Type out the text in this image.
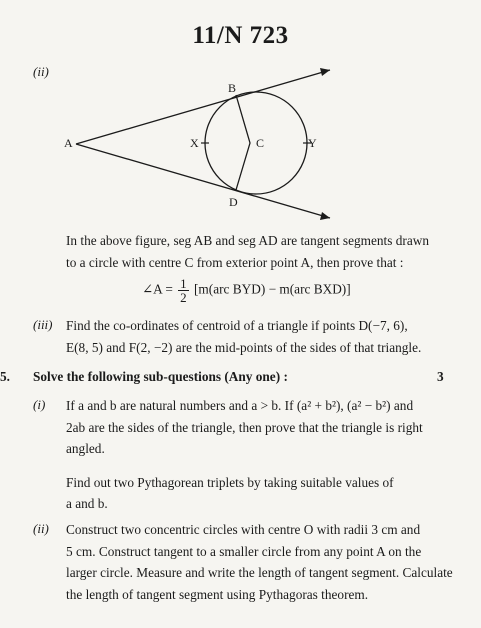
11/N 723
(ii)
A
B
C
D
X	Y
In the above figure, seg AB and seg AD are tangent segments drawn
to a circle with centre C from exterior point A, then prove that :
∠A = $\frac{1}{2} [m(arc$ BYD) − m(arc BXD)]
(iii) Find the co-ordinates of centroid of a triangle if points D(−7, 6),
E(8, 5) and F(2, −2) are the mid-points of the sides of that triangle.
5. Solve the following sub-questions (Any one) :	3
(i) If a and b are natural numbers and a > b. If (a² + b²), (a² − b²) and
2ab are the sides of the triangle, then prove that the triangle is right
angled.
Find out two Pythagorean triplets by taking suitable values of
a and b.
(ii) Construct two concentric circles with centre O with radii 3 cm and
5 cm. Construct tangent to a smaller circle from any point A on the
larger circle. Measure and write the length of tangent segment. Calculate
the length of tangent segment using Pythagoras theorem.
